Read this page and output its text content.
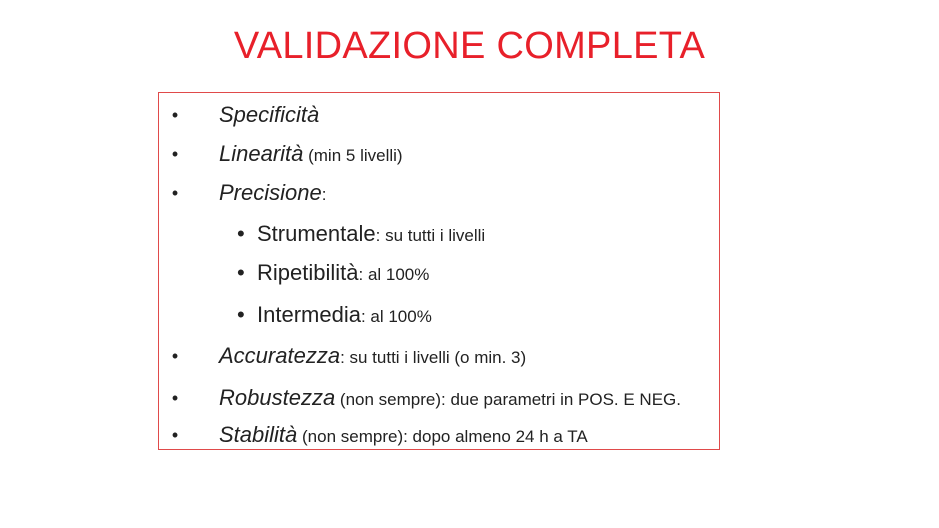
VALIDAZIONE COMPLETA
• Specificità
• Linearità (min 5 livelli)
• Precisione:
• Strumentale: su tutti i livelli
• Ripetibilità: al 100%
• Intermedia: al 100%
• Accuratezza: su tutti i livelli (o min. 3)
• Robustezza (non sempre): due parametri in POS. E NEG.
• Stabilità (non sempre): dopo almeno 24 h a TA
